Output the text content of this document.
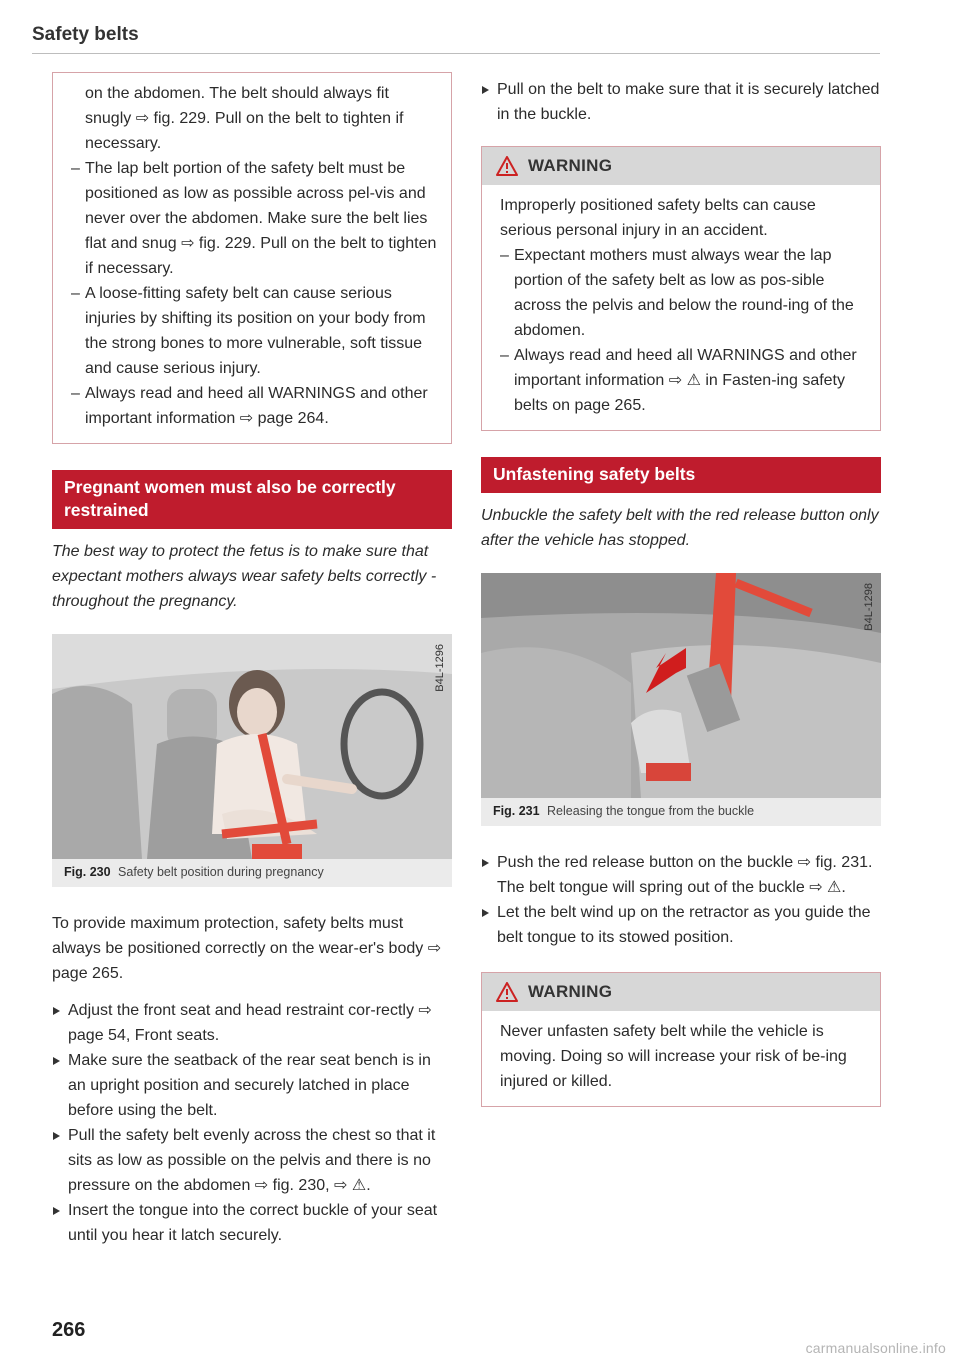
Safety belts

on the abdomen. The belt should always fit snugly ⇨ fig. 229. Pull on the belt to tighten if necessary.

– The lap belt portion of the safety belt must be positioned as low as possible across pel-vis and never over the abdomen. Make sure the belt lies flat and snug ⇨ fig. 229. Pull on the belt to tighten if necessary.
– A loose-fitting safety belt can cause serious injuries by shifting its position on your body from the strong bones to more vulnerable, soft tissue and cause serious injury.
– Always read and heed all WARNINGS and other important information ⇨ page 264.
Pregnant women must also be correctly restrained

The best way to protect the fetus is to make sure that expectant mothers always wear safety belts correctly - throughout the pregnancy.

B4L-1296
Fig. 230 Safety belt position during pregnancy

To provide maximum protection, safety belts must always be positioned correctly on the wear-er's body ⇨ page 265.

Adjust the front seat and head restraint cor-rectly ⇨ page 54, Front seats.
Make sure the seatback of the rear seat bench is in an upright position and securely latched in place before using the belt.
Pull the safety belt evenly across the chest so that it sits as low as possible on the pelvis and there is no pressure on the abdomen ⇨ fig. 230, ⇨ ⚠.
Insert the tongue into the correct buckle of your seat until you hear it latch securely.
Pull on the belt to make sure that it is securely latched in the buckle.
WARNING

Improperly positioned safety belts can cause serious personal injury in an accident.

– Expectant mothers must always wear the lap portion of the safety belt as low as pos-sible across the pelvis and below the round-ing of the abdomen.
– Always read and heed all WARNINGS and other important information ⇨ ⚠ in Fasten-ing safety belts on page 265.
Unfastening safety belts

Unbuckle the safety belt with the red release button only after the vehicle has stopped.

B4L-1298
Fig. 231 Releasing the tongue from the buckle
Push the red release button on the buckle ⇨ fig. 231. The belt tongue will spring out of the buckle ⇨ ⚠.
Let the belt wind up on the retractor as you guide the belt tongue to its stowed position.
WARNING

Never unfasten safety belt while the vehicle is moving. Doing so will increase your risk of be-ing injured or killed.

266
carmanualsonline.info
